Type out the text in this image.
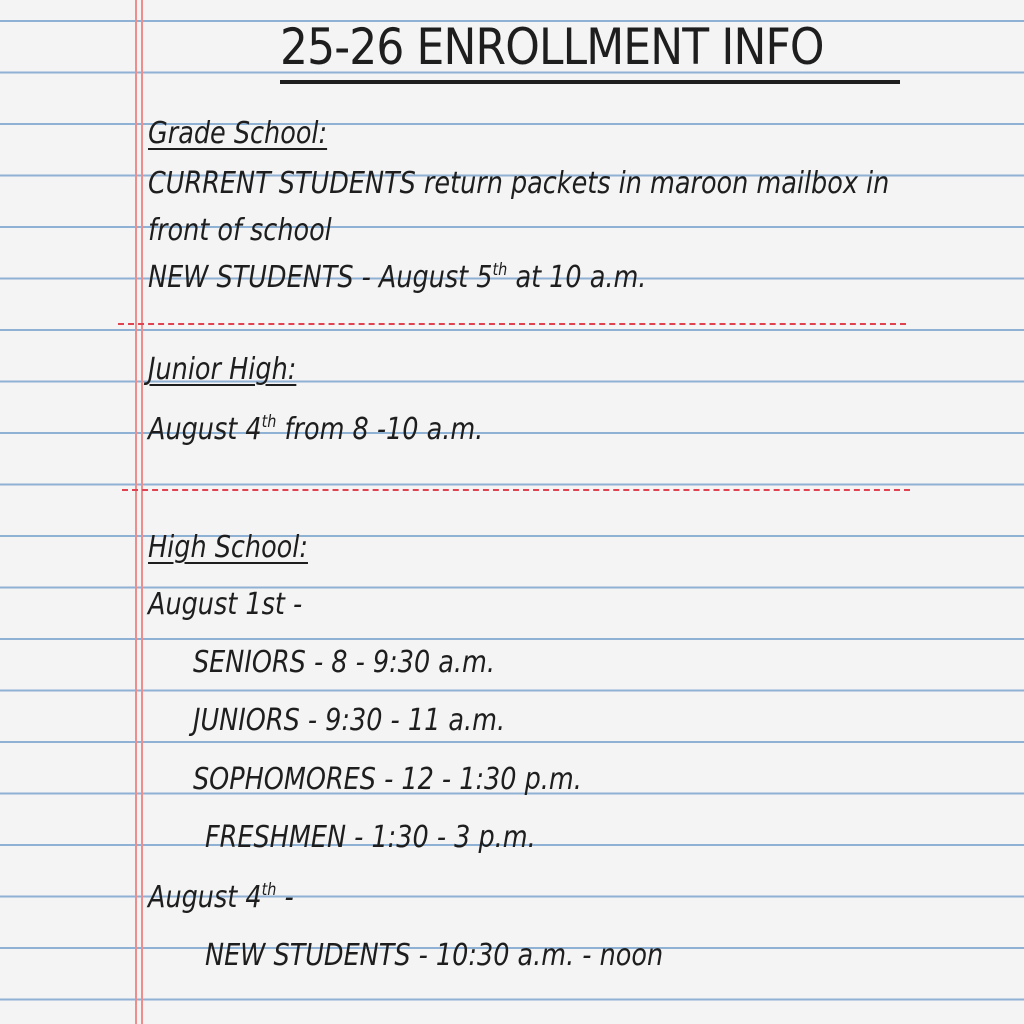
25-26 ENROLLMENT INFO
Grade School:
CURRENT STUDENTS return packets in maroon mailbox in
front of school
NEW STUDENTS - August 5th at 10 a.m.
Junior High:
August 4th from 8 -10 a.m.
High School:
August 1st -
SENIORS - 8 - 9:30 a.m.
JUNIORS - 9:30 - 11 a.m.
SOPHOMORES - 12 - 1:30 p.m.
FRESHMEN - 1:30 - 3 p.m.
August 4th -
NEW STUDENTS - 10:30 a.m. - noon
